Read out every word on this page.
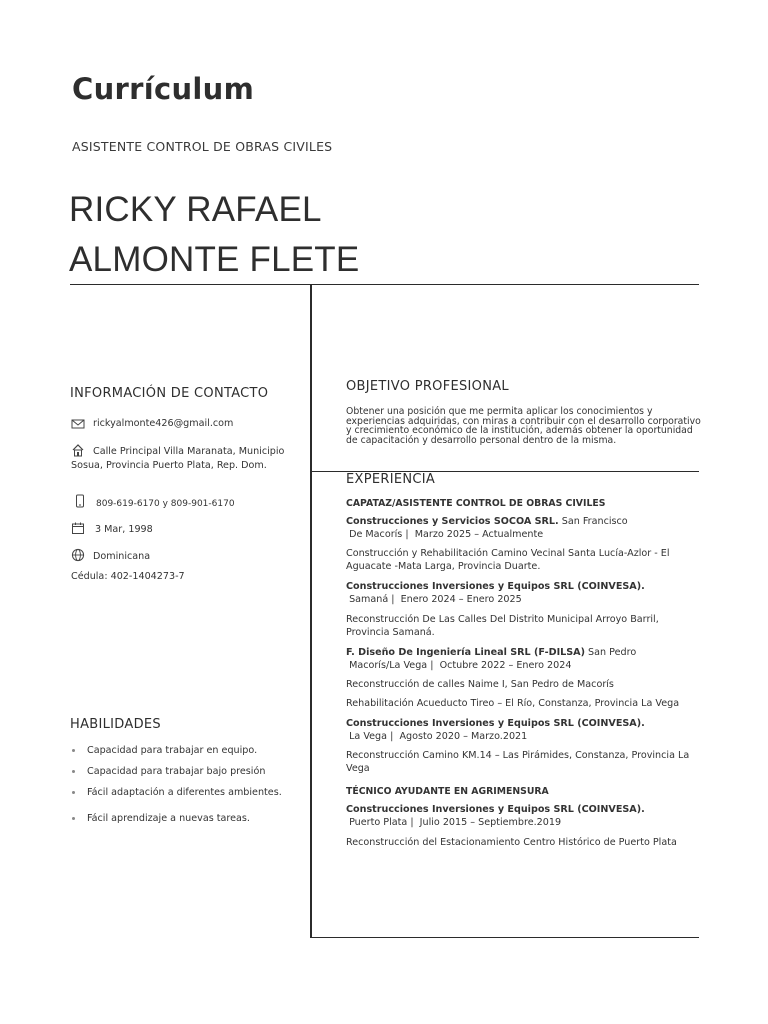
Currículum
ASISTENTE CONTROL DE OBRAS CIVILES
RICKY RAFAEL
ALMONTE FLETE
INFORMACIÓN DE CONTACTO
rickyalmonte426@gmail.com
Calle Principal Villa Maranata, Municipio Sosua, Provincia Puerto Plata, Rep. Dom.
809-619-6170 y 809-901-6170
3 Mar, 1998
Dominicana
Cédula: 402-1404273-7
HABILIDADES
Capacidad para trabajar en equipo.
Capacidad para trabajar bajo presión
Fácil adaptación a diferentes ambientes.
Fácil aprendizaje a nuevas tareas.
OBJETIVO PROFESIONAL
Obtener una posición que me permita aplicar los conocimientos y experiencias adquiridas, con miras a contribuir con el desarrollo corporativo y crecimiento económico de la institución, además obtener la oportunidad de capacitación y desarrollo personal dentro de la misma.
EXPERIENCIA
CAPATAZ/ASISTENTE CONTROL DE OBRAS CIVILES
Construcciones y Servicios SOCOA SRL. San Francisco
De Macorís | Marzo 2025 – Actualmente
Construcción y Rehabilitación Camino Vecinal Santa Lucía-Azlor - El Aguacate -Mata Larga, Provincia Duarte.
Construcciones Inversiones y Equipos SRL (COINVESA).
Samaná | Enero 2024 – Enero 2025
Reconstrucción De Las Calles Del Distrito Municipal Arroyo Barril, Provincia Samaná.
F. Diseño De Ingeniería Lineal SRL (F-DILSA) San Pedro
Macorís/La Vega | Octubre 2022 – Enero 2024
Reconstrucción de calles Naime I, San Pedro de Macorís
Rehabilitación Acueducto Tireo – El Río, Constanza, Provincia La Vega
Construcciones Inversiones y Equipos SRL (COINVESA).
La Vega | Agosto 2020 – Marzo.2021
Reconstrucción Camino KM.14 – Las Pirámides, Constanza, Provincia La Vega
TÉCNICO AYUDANTE EN AGRIMENSURA
Construcciones Inversiones y Equipos SRL (COINVESA).
Puerto Plata | Julio 2015 – Septiembre.2019
Reconstrucción del Estacionamiento Centro Histórico de Puerto Plata
